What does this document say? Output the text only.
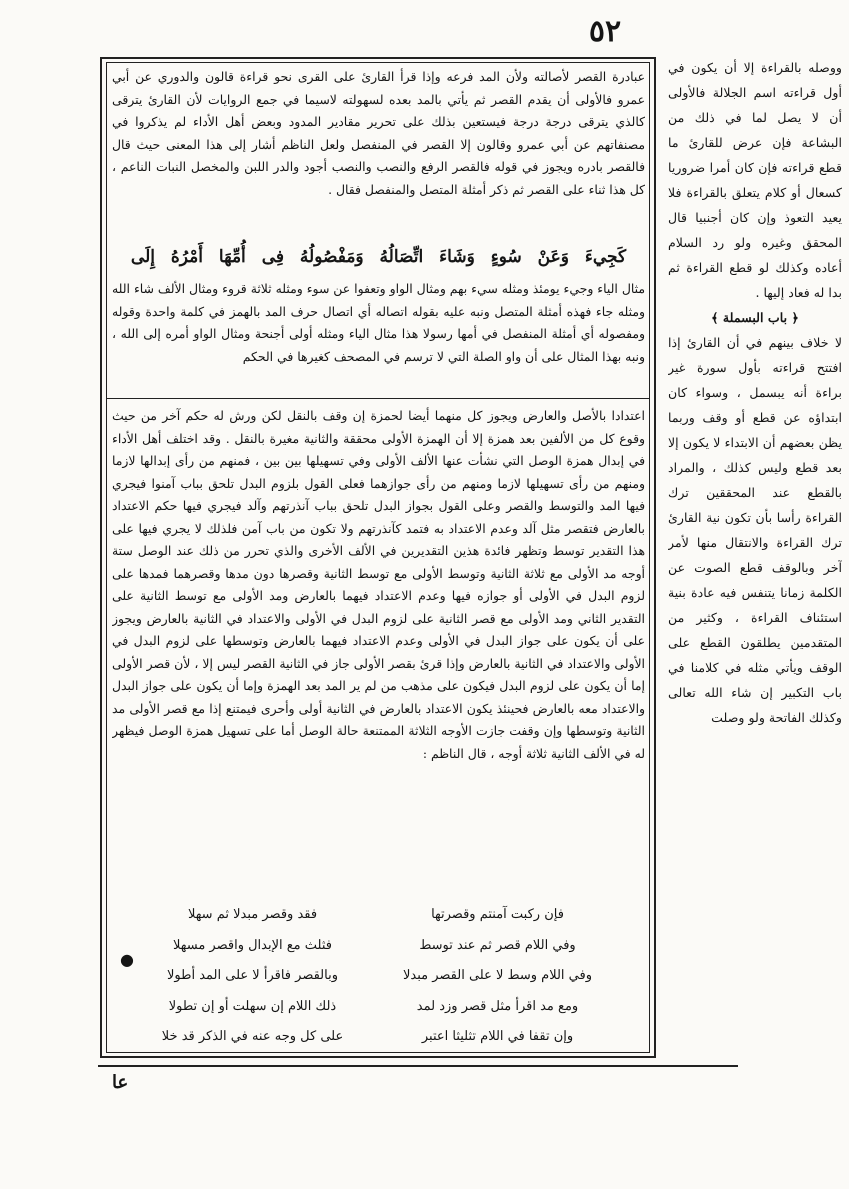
٥٢

عبادرة القصر لأصالته ولأن المد فرعه وإذا قرأ القارئ على القرى نحو قراءة قالون والدوري عن أبي عمرو فالأولى أن يقدم القصر ثم يأتي بالمد بعده لسهولته لاسيما في جمع الروايات لأن القارئ يترقى كالذي يترقى درجة درجة فيستعين بذلك على تحرير مقادير المدود وبعض أهل الأداء لم يذكروا في مصنفاتهم عن أبي عمرو وقالون إلا القصر في المنفصل ولعل الناظم أشار إلى هذا المعنى حيث قال فالقصر بادره ويجوز في قوله فالقصر الرفع والنصب والنصب أجود والدر اللبن والمخصل النبات الناعم ، كل هذا ثناء على القصر ثم ذكر أمثلة المتصل والمنفصل فقال .

كَجِيءَ وَعَنْ سُوءٍ وَشَاءَ اتِّصَالُهُ وَمَفْصُولُهُ فِى أُمِّهَا أَمْرُهُ إِلَى

مثال الياء وجيء يومئذ ومثله سيء بهم ومثال الواو وتعفوا عن سوء ومثله ثلاثة قروء ومثال الألف شاء الله ومثله جاء فهذه أمثلة المتصل ونبه عليه بقوله اتصاله أي اتصال حرف المد بالهمز في كلمة واحدة وقوله ومفصوله أي أمثلة المنفصل في أمها رسولا هذا مثال الياء ومثله أولى أجنحة ومثال الواو أمره إلى الله ، ونبه بهذا المثال على أن واو الصلة التي لا ترسم في المصحف كغيرها في الحكم

اعتدادا بالأصل والعارض ويجوز كل منهما أيضا لحمزة إن وقف بالنقل لكن ورش له حكم آخر من حيث وقوع كل من الألفين بعد همزة إلا أن الهمزة الأولى محققة والثانية مغيرة بالنقل . وقد اختلف أهل الأداء في إبدال همزة الوصل التي نشأت عنها الألف الأولى وفي تسهيلها بين بين ، فمنهم من رأى إبدالها لازما ومنهم من رأى تسهيلها لازما ومنهم من رأى جوازهما فعلى القول بلزوم البدل تلحق بباب آمنوا فيجري فيها المد والتوسط والقصر وعلى القول بجواز البدل تلحق بباب آنذرتهم وآلد فيجري فيها حكم الاعتداد بالعارض فتقصر مثل آلد وعدم الاعتداد به فتمد كآنذرتهم ولا تكون من باب آمن فلذلك لا يجري فيها على هذا التقدير توسط وتظهر فائدة هذين التقديرين في الألف الأخرى والذي تحرر من ذلك عند الوصل ستة أوجه مد الأولى مع ثلاثة الثانية وتوسط الأولى مع توسط الثانية وقصرها دون مدها وقصرهما فمدها على لزوم البدل في الأولى أو جوازه فيها وعدم الاعتداد فيهما بالعارض ومد الأولى مع توسط الثانية على التقدير الثاني ومد الأولى مع قصر الثانية على لزوم البدل في الأولى والاعتداد في الثانية بالعارض ويجوز على أن يكون على جواز البدل في الأولى وعدم الاعتداد فيهما بالعارض وتوسطها على لزوم البدل في الأولى والاعتداد في الثانية بالعارض وإذا قرئ بقصر الأولى جاز في الثانية القصر ليس إلا ، لأن قصر الأولى إما أن يكون على لزوم البدل فيكون على مذهب من لم ير المد بعد الهمزة وإما أن يكون على جواز البدل والاعتداد معه بالعارض فحينئذ يكون الاعتداد بالعارض في الثانية أولى وأحرى فيمتنع إذا مع قصر الأولى مد الثانية وتوسطها وإن وقفت جازت الأوجه الثلاثة الممتنعة حالة الوصل أما على تسهيل همزة الوصل فيظهر له في الألف الثانية ثلاثة أوجه ، قال الناظم :

فإن ركبت آمنتم وقصرتها
فقد وقصر مبدلا ثم سهلا
وفي اللام قصر ثم عند توسط
فثلث مع الإبدال واقصر مسهلا
وفي اللام وسط لا على القصر مبدلا
وبالقصر فاقرأ لا على المد أطولا
ومع مد اقرأ مثل قصر وزد لمد
ذلك اللام إن سهلت أو إن تطولا
وإن تقفا في اللام تثليثا اعتبر
على كل وجه عنه في الذكر قد خلا
●

ووصله بالقراءة إلا أن يكون في أول قراءته اسم الجلالة فالأولى أن لا يصل لما في ذلك من البشاعة فإن عرض للقارئ ما قطع قراءته فإن كان أمرا ضروريا كسعال أو كلام يتعلق بالقراءة فلا يعيد التعوذ وإن كان أجنبيا قال المحقق وغيره ولو رد السلام أعاده وكذلك لو قطع القراءة ثم بدا له فعاد إليها .

﴿ باب البسملة ﴾

لا خلاف بينهم في أن القارئ إذا افتتح قراءته بأول سورة غير براءة أنه يبسمل ، وسواء كان ابتداؤه عن قطع أو وقف وربما يظن بعضهم أن الابتداء لا يكون إلا بعد قطع وليس كذلك ، والمراد بالقطع عند المحققين ترك القراءة رأسا بأن تكون نية القارئ ترك القراءة والانتقال منها لأمر آخر وبالوقف قطع الصوت عن الكلمة زمانا يتنفس فيه عادة بنية استئناف القراءة ، وكثير من المتقدمين يطلقون القطع على الوقف ويأتي مثله في كلامنا في باب التكبير إن شاء الله تعالى وكذلك الفاتحة ولو وصلت

عا
